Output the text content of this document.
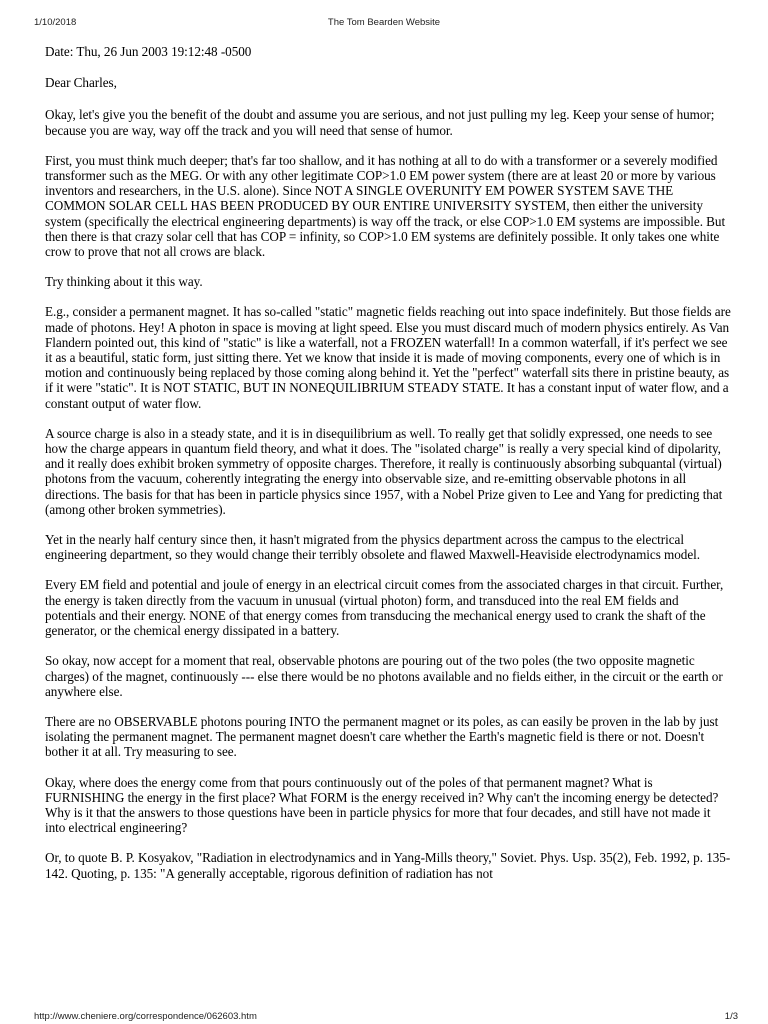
1/10/2018	The Tom Bearden Website

Date: Thu, 26 Jun 2003 19:12:48 -0500

Dear Charles,

Okay, let's give you the benefit of the doubt and assume you are serious, and not just pulling my leg. Keep your sense of humor; because you are way, way off the track and you will need that sense of humor.

First, you must think much deeper; that's far too shallow, and it has nothing at all to do with a transformer or a severely modified transformer such as the MEG. Or with any other legitimate COP>1.0 EM power system (there are at least 20 or more by various inventors and researchers, in the U.S. alone). Since NOT A SINGLE OVERUNITY EM POWER SYSTEM SAVE THE COMMON SOLAR CELL HAS BEEN PRODUCED BY OUR ENTIRE UNIVERSITY SYSTEM, then either the university system (specifically the electrical engineering departments) is way off the track, or else COP>1.0 EM systems are impossible. But then there is that crazy solar cell that has COP = infinity, so COP>1.0 EM systems are definitely possible. It only takes one white crow to prove that not all crows are black.

Try thinking about it this way.

E.g., consider a permanent magnet. It has so-called "static" magnetic fields reaching out into space indefinitely. But those fields are made of photons. Hey! A photon in space is moving at light speed. Else you must discard much of modern physics entirely. As Van Flandern pointed out, this kind of "static" is like a waterfall, not a FROZEN waterfall! In a common waterfall, if it's perfect we see it as a beautiful, static form, just sitting there. Yet we know that inside it is made of moving components, every one of which is in motion and continuously being replaced by those coming along behind it. Yet the "perfect" waterfall sits there in pristine beauty, as if it were "static". It is NOT STATIC, BUT IN NONEQUILIBRIUM STEADY STATE. It has a constant input of water flow, and a constant output of water flow.

A source charge is also in a steady state, and it is in disequilibrium as well. To really get that solidly expressed, one needs to see how the charge appears in quantum field theory, and what it does. The "isolated charge" is really a very special kind of dipolarity, and it really does exhibit broken symmetry of opposite charges. Therefore, it really is continuously absorbing subquantal (virtual) photons from the vacuum, coherently integrating the energy into observable size, and re-emitting observable photons in all directions. The basis for that has been in particle physics since 1957, with a Nobel Prize given to Lee and Yang for predicting that (among other broken symmetries).

Yet in the nearly half century since then, it hasn't migrated from the physics department across the campus to the electrical engineering department, so they would change their terribly obsolete and flawed Maxwell-Heaviside electrodynamics model.

Every EM field and potential and joule of energy in an electrical circuit comes from the associated charges in that circuit. Further, the energy is taken directly from the vacuum in unusual (virtual photon) form, and transduced into the real EM fields and potentials and their energy. NONE of that energy comes from transducing the mechanical energy used to crank the shaft of the generator, or the chemical energy dissipated in a battery.

So okay, now accept for a moment that real, observable photons are pouring out of the two poles (the two opposite magnetic charges) of the magnet, continuously --- else there would be no photons available and no fields either, in the circuit or the earth or anywhere else.

There are no OBSERVABLE photons pouring INTO the permanent magnet or its poles, as can easily be proven in the lab by just isolating the permanent magnet. The permanent magnet doesn't care whether the Earth's magnetic field is there or not. Doesn't bother it at all. Try measuring to see.

Okay, where does the energy come from that pours continuously out of the poles of that permanent magnet? What is FURNISHING the energy in the first place? What FORM is the energy received in? Why can't the incoming energy be detected? Why is it that the answers to those questions have been in particle physics for more that four decades, and still have not made it into electrical engineering?

Or, to quote B. P. Kosyakov, "Radiation in electrodynamics and in Yang-Mills theory," Soviet. Phys. Usp. 35(2), Feb. 1992, p. 135-142. Quoting, p. 135: "A generally acceptable, rigorous definition of radiation has not

http://www.cheniere.org/correspondence/062603.htm	1/3
